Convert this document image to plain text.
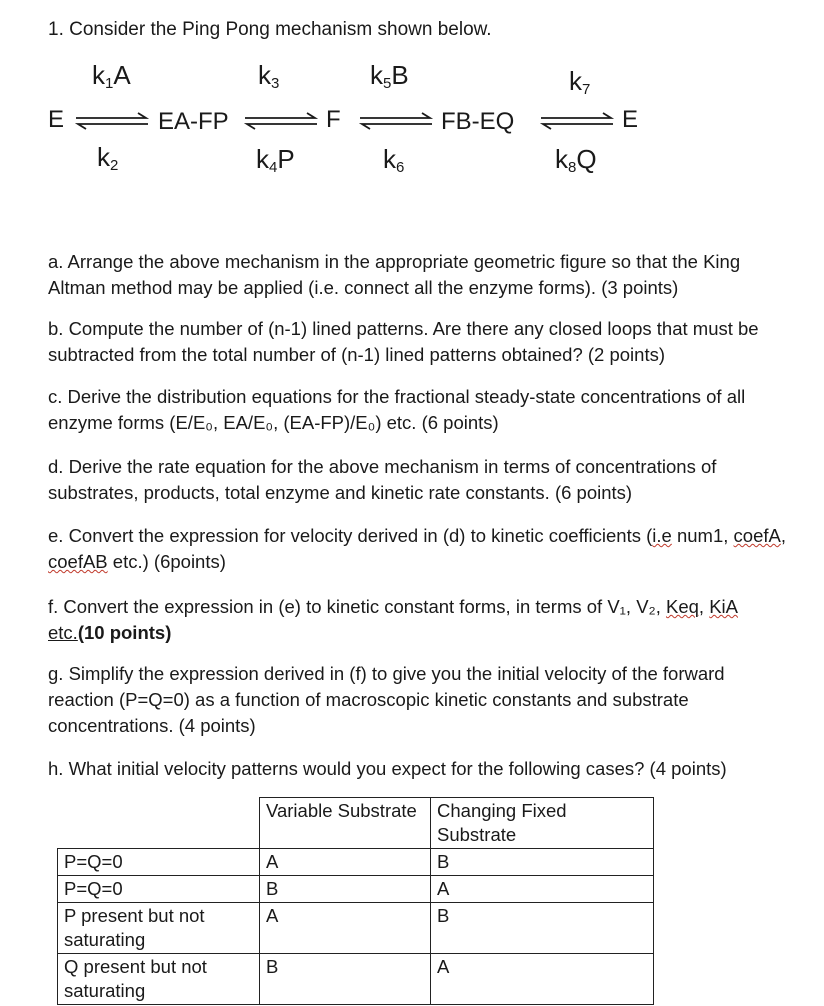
1. Consider the Ping Pong mechanism shown below.
$k_1A$	$k_3$	$k_5B$	$k_7$
E	EA-FP	F	FB-EQ	E
$k_2$	$k_4P$	$k_6$	$k_8Q$
a. Arrange the above mechanism in the appropriate geometric figure so that the King Altman method may be applied (i.e. connect all the enzyme forms). (3 points)
b. Compute the number of (n-1) lined patterns. Are there any closed loops that must be subtracted from the total number of (n-1) lined patterns obtained? (2 points)
c. Derive the distribution equations for the fractional steady-state concentrations of all enzyme forms (E/E₀, EA/E₀, (EA-FP)/E₀) etc. (6 points)
d. Derive the rate equation for the above mechanism in terms of concentrations of substrates, products, total enzyme and kinetic rate constants. (6 points)
e. Convert the expression for velocity derived in (d) to kinetic coefficients (i.e num1, coefA, coefAB etc.) (6points)
f. Convert the expression in (e) to kinetic constant forms, in terms of V₁, V₂, Keq, KiA
etc.(10 points)
g. Simplify the expression derived in (f) to give you the initial velocity of the forward reaction (P=Q=0) as a function of macroscopic kinetic constants and substrate concentrations. (4 points)
h. What initial velocity patterns would you expect for the following cases? (4 points)
	Variable Substrate	Changing Fixed Substrate
P=Q=0	A	B
P=Q=0	B	A
P present but not saturating	A	B
Q present but not saturating	B	A
